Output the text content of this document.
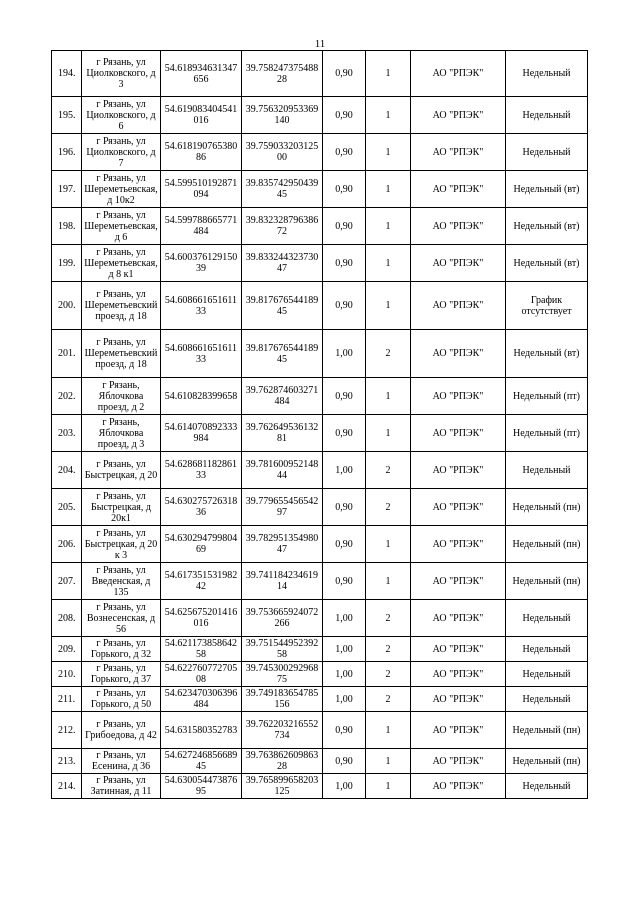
11
194.	г Рязань, ул Циолковского, д 3	54.618934631347656	39.75824737548828	0,90	1	АО "РПЭК"	Недельный
195.	г Рязань, ул Циолковского, д 6	54.619083404541016	39.756320953369140	0,90	1	АО "РПЭК"	Недельный
196.	г Рязань, ул Циолковского, д 7	54.61819076538086	39.75903320312500	0,90	1	АО "РПЭК"	Недельный
197.	г Рязань, ул Шереметьевская, д 10к2	54.599510192871094	39.83574295043945	0,90	1	АО "РПЭК"	Недельный (вт)
198.	г Рязань, ул Шереметьевская, д 6	54.599788665771484	39.83232879638672	0,90	1	АО "РПЭК"	Недельный (вт)
199.	г Рязань, ул Шереметьевская, д 8 к1	54.60037612915039	39.83324432373047	0,90	1	АО "РПЭК"	Недельный (вт)
200.	г Рязань, ул Шереметьевский проезд, д 18	54.60866165161133	39.81767654418945	0,90	1	АО "РПЭК"	График отсутствует
201.	г Рязань, ул Шереметьевский проезд, д 18	54.60866165161133	39.81767654418945	1,00	2	АО "РПЭК"	Недельный (вт)
202.	г Рязань, Яблочкова проезд, д 2	54.610828399658	39.762874603271484	0,90	1	АО "РПЭК"	Недельный (пт)
203.	г Рязань, Яблочкова проезд, д 3	54.614070892333984	39.76264953613281	0,90	1	АО "РПЭК"	Недельный (пт)
204.	г Рязань, ул Быстрецкая, д 20	54.62868118286133	39.78160095214844	1,00	2	АО "РПЭК"	Недельный
205.	г Рязань, ул Быстрецкая, д 20к1	54.63027572631836	39.77965545654297	0,90	2	АО "РПЭК"	Недельный (пн)
206.	г Рязань, ул Быстрецкая, д 20 к 3	54.63029479980469	39.78295135498047	0,90	1	АО "РПЭК"	Недельный (пн)
207.	г Рязань, ул Введенская, д 135	54.61735153198242	39.74118423461914	0,90	1	АО "РПЭК"	Недельный (пн)
208.	г Рязань, ул Вознесенская, д 56	54.625675201416016	39.753665924072266	1,00	2	АО "РПЭК"	Недельный
209.	г Рязань, ул Горького, д 32	54.62117385864258	39.75154495239258	1,00	2	АО "РПЭК"	Недельный
210.	г Рязань, ул Горького, д 37	54.62276077270508	39.74530029296875	1,00	2	АО "РПЭК"	Недельный
211.	г Рязань, ул Горького, д 50	54.623470306396484	39.749183654785156	1,00	2	АО "РПЭК"	Недельный
212.	г Рязань, ул Грибоедова, д 42	54.631580352783	39.762203216552734	0,90	1	АО "РПЭК"	Недельный (пн)
213.	г Рязань, ул Есенина, д 36	54.62724685668945	39.76386260986328	0,90	1	АО "РПЭК"	Недельный (пн)
214.	г Рязань, ул Затинная, д 11	54.63005447387695	39.765899658203125	1,00	1	АО "РПЭК"	Недельный
